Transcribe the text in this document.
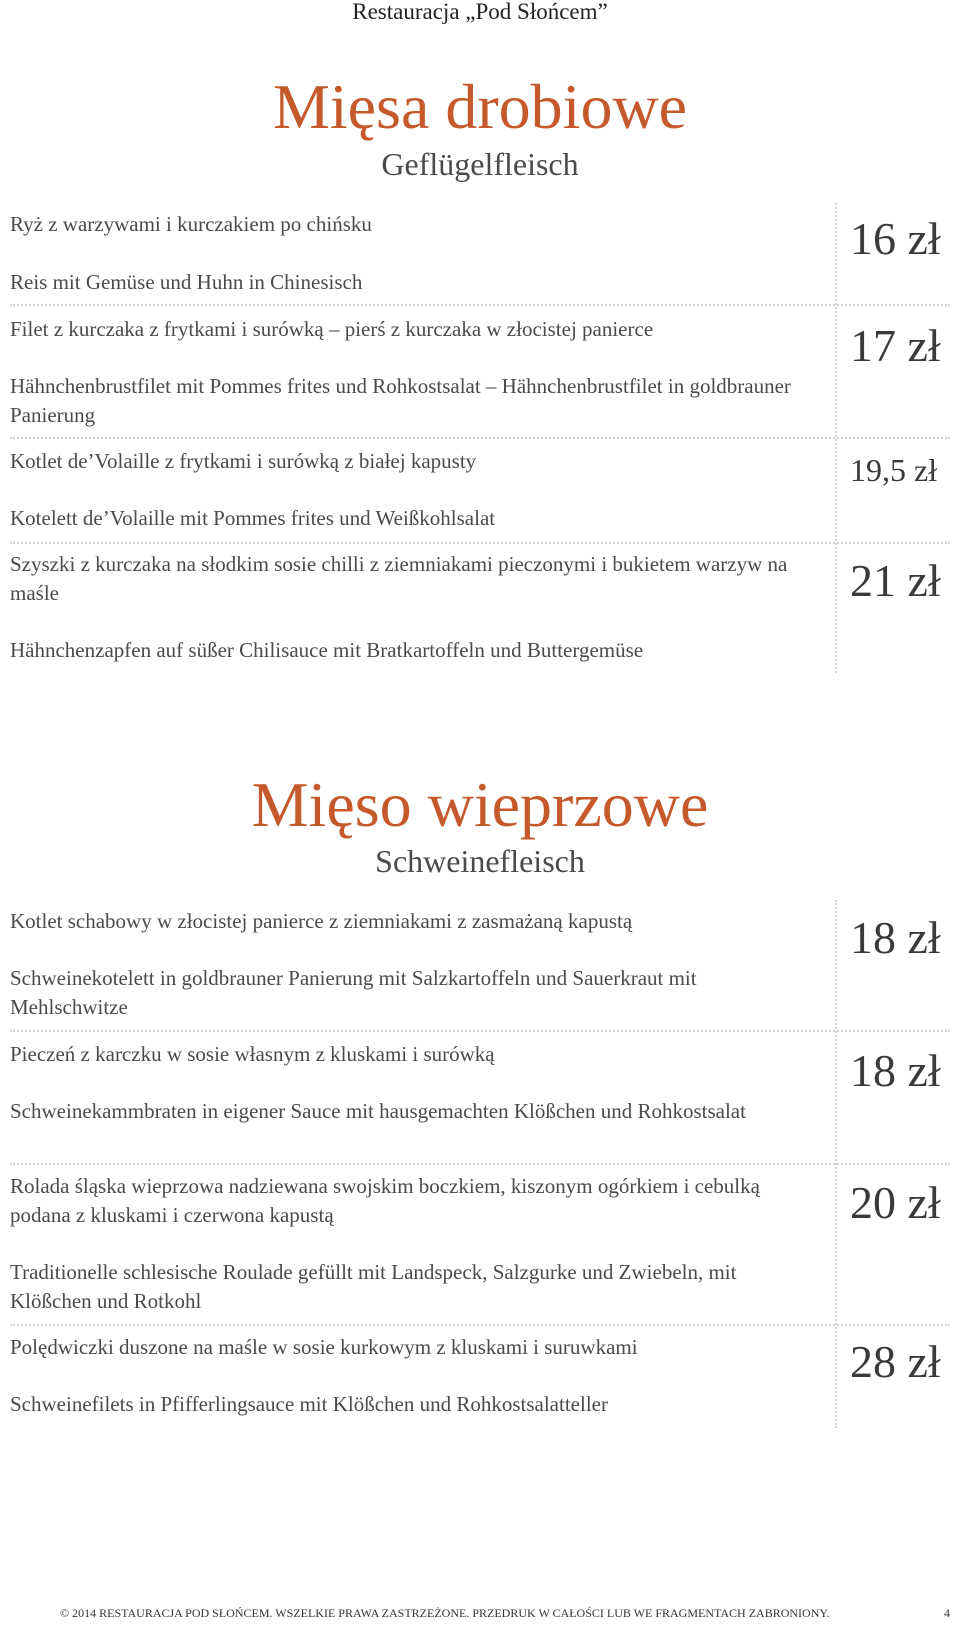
Restauracja „Pod Słońcem”
Mięsa drobiowe
Geflügelfleisch
Ryż z warzywami i kurczakiem po chińsku
Reis mit Gemüse und Huhn in Chinesisch
16 zł
Filet z kurczaka z frytkami i surówką – pierś z kurczaka w złocistej panierce
Hähnchenbrustfilet mit Pommes frites und Rohkostsalat – Hähnchenbrustfilet in goldbrauner Panierung
17 zł
Kotlet de’Volaille z frytkami i surówką z białej kapusty
Kotelett de’Volaille mit Pommes frites und Weißkohlsalat
19,5 zł
Szyszki z kurczaka na słodkim sosie chilli z ziemniakami pieczonymi i bukietem warzyw na maśle
Hähnchenzapfen auf süßer Chilisauce mit Bratkartoffeln und Buttergemüse
21 zł
Mięso wieprzowe
Schweinefleisch
Kotlet schabowy w złocistej panierce z ziemniakami z zasmażaną kapustą
Schweinekotelett in goldbrauner Panierung mit Salzkartoffeln und Sauerkraut mit Mehlschwitze
18 zł
Pieczeń z karczku w sosie własnym z kluskami i surówką
Schweinekammbraten in eigener Sauce mit hausgemachten Klößchen und Rohkostsalat
18 zł
Rolada śląska wieprzowa nadziewana swojskim boczkiem, kiszonym ogórkiem i cebulką podana z kluskami i czerwona kapustą
Traditionelle schlesische Roulade gefüllt mit Landspeck, Salzgurke und Zwiebeln, mit Klößchen und Rotkohl
20 zł
Polędwiczki duszone na maśle w sosie kurkowym z kluskami i suruwkami
Schweinefilets in Pfifferlingsauce mit Klößchen und Rohkostsalatteller
28 zł
© 2014 RESTAURACJA POD SŁOŃCEM. WSZELKIE PRAWA ZASTRZEŻONE. PRZEDRUK W CAŁOŚCI LUB WE FRAGMENTACH ZABRONIONY.	4
